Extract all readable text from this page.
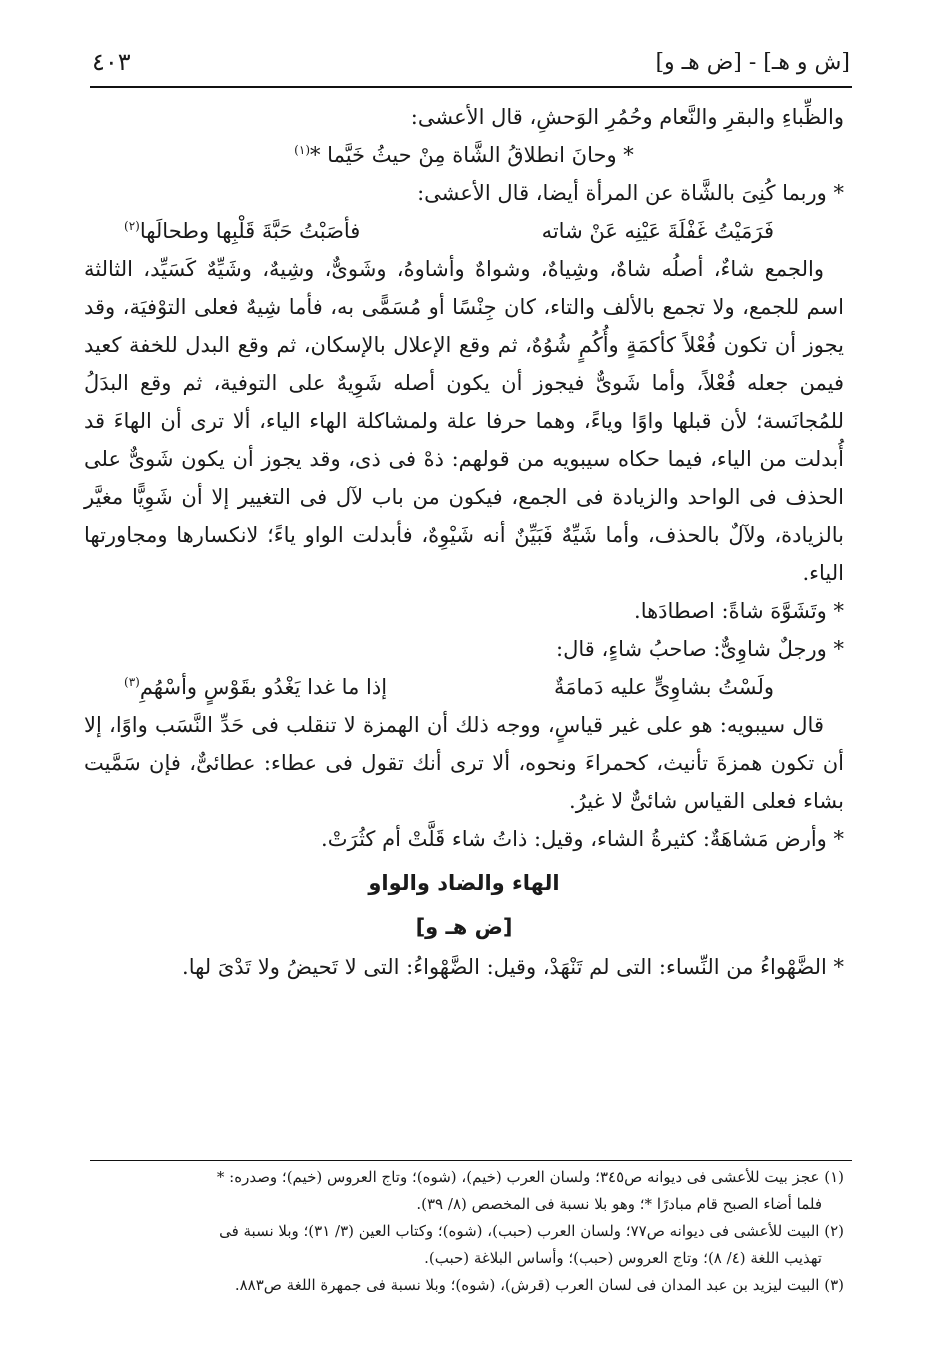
[ش و هـ] - [ض هـ و]
٤٠٣

والظِّباءِ والبقرِ والنَّعام وحُمُرِ الوَحشِ، قال الأعشى:

* وحانَ انطلاقُ الشَّاة مِنْ حيثُ خَيَّما *$^{(١)}$

* وربما كُنِىَ بالشَّاة عن المرأة أيضا، قال الأعشى:

فَرَمَيْتُ غَفْلَةَ عَيْنِه عَنْ شاته
فأصَبْتُ حَبَّةَ قَلْبِها وطحالَها$^{(٢)}$

والجمع شاءٌ، أصلُه شاهٌ، وشِياهٌ، وشواهٌ وأشاوهُ، وشَوىٌّ، وشِيهٌ، وشَيِّهٌ كَسَيِّد، الثالثة اسم للجمع، ولا تجمع بالألف والتاء، كان جِنْسًا أو مُسَمًّى به، فأما شِيهٌ فعلى التوْفيَة، وقد يجوز أن تكون فُعْلاً كأكمَةٍ وأُكُمٍ شُوُهٌ، ثم وقع الإعلال بالإسكان، ثم وقع البدل للخفة كعيد فيمن جعله فُعْلاً، وأما شَوىٌّ فيجوز أن يكون أصله شَوِيهٌ على التوفية، ثم وقع البدَلُ للمُجانَسة؛ لأن قبلها واوًا وياءً، وهما حرفا علة ولمشاكلة الهاء الياء، ألا ترى أن الهاءَ قد أُبدلت من الياء، فيما حكاه سيبويه من قولهم: ذهْ فى ذى، وقد يجوز أن يكون شَوىٌّ على الحذف فى الواحد والزيادة فى الجمع، فيكون من باب لآل فى التغيير إلا أن شَوِيًّا مغيَّر بالزيادة، ولآلٌ بالحذف، وأما شَيِّهٌ فَبَيِّنٌ أنه شَيْوِهٌ، فأبدلت الواو ياءً؛ لانكسارها ومجاورتها الياء.

* وتَشَوَّهَ شاةً: اصطادَها.

* ورجلٌ شاوِىٌّ: صاحبُ شاءٍ، قال:

ولَسْتُ بشاوِىٍّ عليه دَمامَةٌ
إذا ما غدا يَغْدُو بقَوْسٍ وأسْهُمِ$^{(٣)}$

قال سيبويه: هو على غير قياسٍ، ووجه ذلك أن الهمزة لا تنقلب فى حَدِّ النَّسَب واوًا، إلا أن تكون همزةَ تأنيث، كحمراءَ ونحوه، ألا ترى أنك تقول فى عطاء: عطائىٌّ، فإن سَمَّيت بشاء فعلى القياس شائىٌّ لا غيرُ.

* وأرض مَشاهَةٌ: كثيرةُ الشاء، وقيل: ذاتُ شاء قَلَّتْ أم كثُرَتْ.

الهاء والضاد والواو
[ض هـ و]

* الضَّهْواءُ من النِّساء: التى لم تَنْهَدْ، وقيل: الضَّهْواءُ: التى لا تَحيضُ ولا تَدْىَ لها.

(١) عجز بيت للأعشى فى ديوانه ص٣٤٥؛ ولسان العرب (خيم)، (شوه)؛ وتاج العروس (خيم)؛ وصدره: *

فلما أضاء الصبح قام مبادرًا *؛ وهو بلا نسبة فى المخصص (٨/ ٣٩).

(٢) البيت للأعشى فى ديوانه ص٧٧؛ ولسان العرب (حبب)، (شوه)؛ وكتاب العين (٣/ ٣١)؛ وبلا نسبة فى

تهذيب اللغة (٤/ ٨)؛ وتاج العروس (حبب)؛ وأساس البلاغة (حبب).

(٣) البيت ليزيد بن عبد المدان فى لسان العرب (قرش)، (شوه)؛ وبلا نسبة فى جمهرة اللغة ص٨٨٣.
